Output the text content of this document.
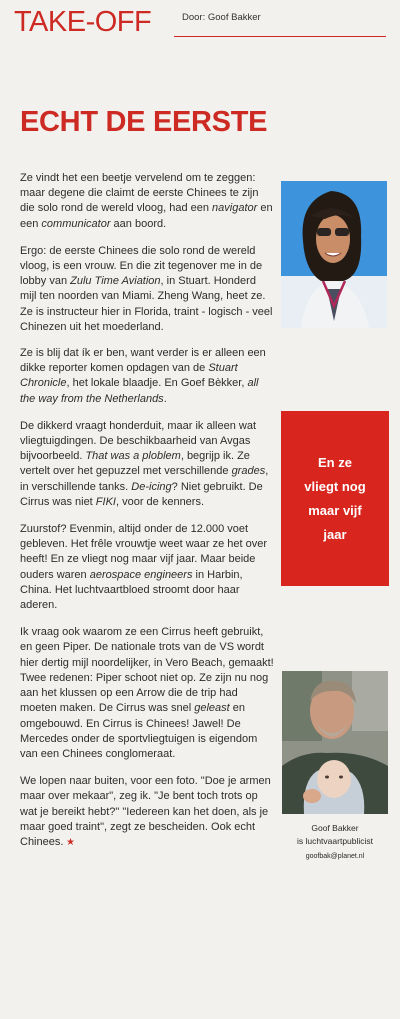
TAKE-OFF	Door: Goof Bakker
ECHT DE EERSTE

Ze vindt het een beetje vervelend om te zeggen: maar degene die claimt de eerste Chinees te zijn die solo rond de wereld vloog, had een navigator en een communicator aan boord.

Ergo: de eerste Chinees die solo rond de wereld vloog, is een vrouw. En die zit tegenover me in de lobby van Zulu Time Aviation, in Stuart. Honderd mijl ten noorden van Miami. Zheng Wang, heet ze. Ze is instructeur hier in Florida, traint - logisch - veel Chinezen uit het moederland.

Ze is blij dat ík er ben, want verder is er alleen een dikke reporter komen opdagen van de Stuart Chronicle, het lokale blaadje. En Goef Bèkker, all the way from the Netherlands.

De dikkerd vraagt honderduit, maar ik alleen wat vliegtuigdingen. De beschikbaarheid van Avgas bijvoorbeeld. That was a ploblem, begrijp ik. Ze vertelt over het gepuzzel met verschillende grades, in verschillende tanks. De-icing? Niet gebruikt. De Cirrus was niet FIKI, voor de kenners.

Zuurstof? Evenmin, altijd onder de 12.000 voet gebleven. Het frêle vrouwtje weet waar ze het over heeft! En ze vliegt nog maar vijf jaar. Maar beide ouders waren aerospace engineers in Harbin, China. Het luchtvaartbloed stroomt door haar aderen.

Ik vraag ook waarom ze een Cirrus heeft gebruikt, en geen Piper. De nationale trots van de VS wordt hier dertig mijl noordelijker, in Vero Beach, gemaakt! Twee redenen: Piper schoot niet op. Ze zijn nu nog aan het klussen op een Arrow die de trip had moeten maken. De Cirrus was snel geleast en omgebouwd. En Cirrus is Chinees! Jawel! De Mercedes onder de sportvliegtuigen is eigendom van een Chinees conglomeraat.

We lopen naar buiten, voor een foto. "Doe je armen maar over mekaar", zeg ik. "Je bent toch trots op wat je bereikt hebt?" "Iedereen kan het doen, als je maar goed traint", zegt ze bescheiden. Ook echt Chinees.

En ze
vliegt nog
maar vijf
jaar
Goof Bakker
is luchtvaartpublicist
goofbak@planet.nl
